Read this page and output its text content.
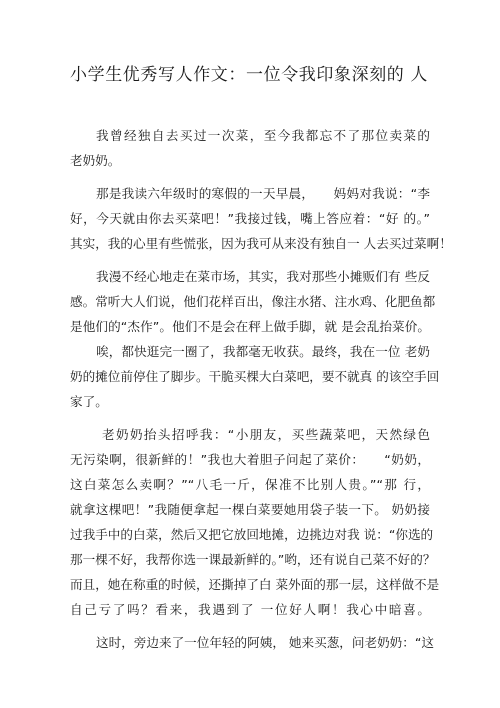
小学生优秀写人作文：一位令我印象深刻的 人
我曾经独自去买过一次菜，至今我都忘不了那位卖菜的
老奶奶。
那是我读六年级时的寒假的一天早晨，　　妈妈对我说：“李
好，今天就由你去买菜吧！”我接过钱，嘴上答应着：“好 的。”
其实，我的心里有些慌张，因为我可从来没有独自一 人去买过菜啊！
我漫不经心地走在菜市场，其实，我对那些小摊贩们有 些反
感。常听大人们说，他们花样百出，像注水猪、注水鸡、化肥鱼都
是他们的“杰作”。他们不是会在秤上做手脚，就 是会乱抬菜价。
唉，都快逛完一圈了，我都毫无收获。最终，我在一位 老奶
奶的摊位前停住了脚步。干脆买棵大白菜吧，要不就真 的该空手回
家了。
老奶奶抬头招呼我：“小朋友，买些蔬菜吧，天然绿色
无污染啊，很新鲜的！”我也大着胆子问起了菜价：　　“奶奶，
这白菜怎么卖啊？”“八毛一斤，保准不比别人贵。”“那 行，
就拿这棵吧！”我随便拿起一棵白菜要她用袋子装一下。 奶奶接
过我手中的白菜，然后又把它放回地摊，边挑边对我 说：“你选的
那一棵不好，我帮你选一课最新鲜的。”哟，还有说自己菜不好的？
而且，她在称重的时候，还撕掉了白 菜外面的那一层，这样做不是
自己亏了吗？看来，我遇到了 一位好人啊！我心中暗喜。
这时，旁边来了一位年轻的阿姨， 她来买葱，问老奶奶：“这
